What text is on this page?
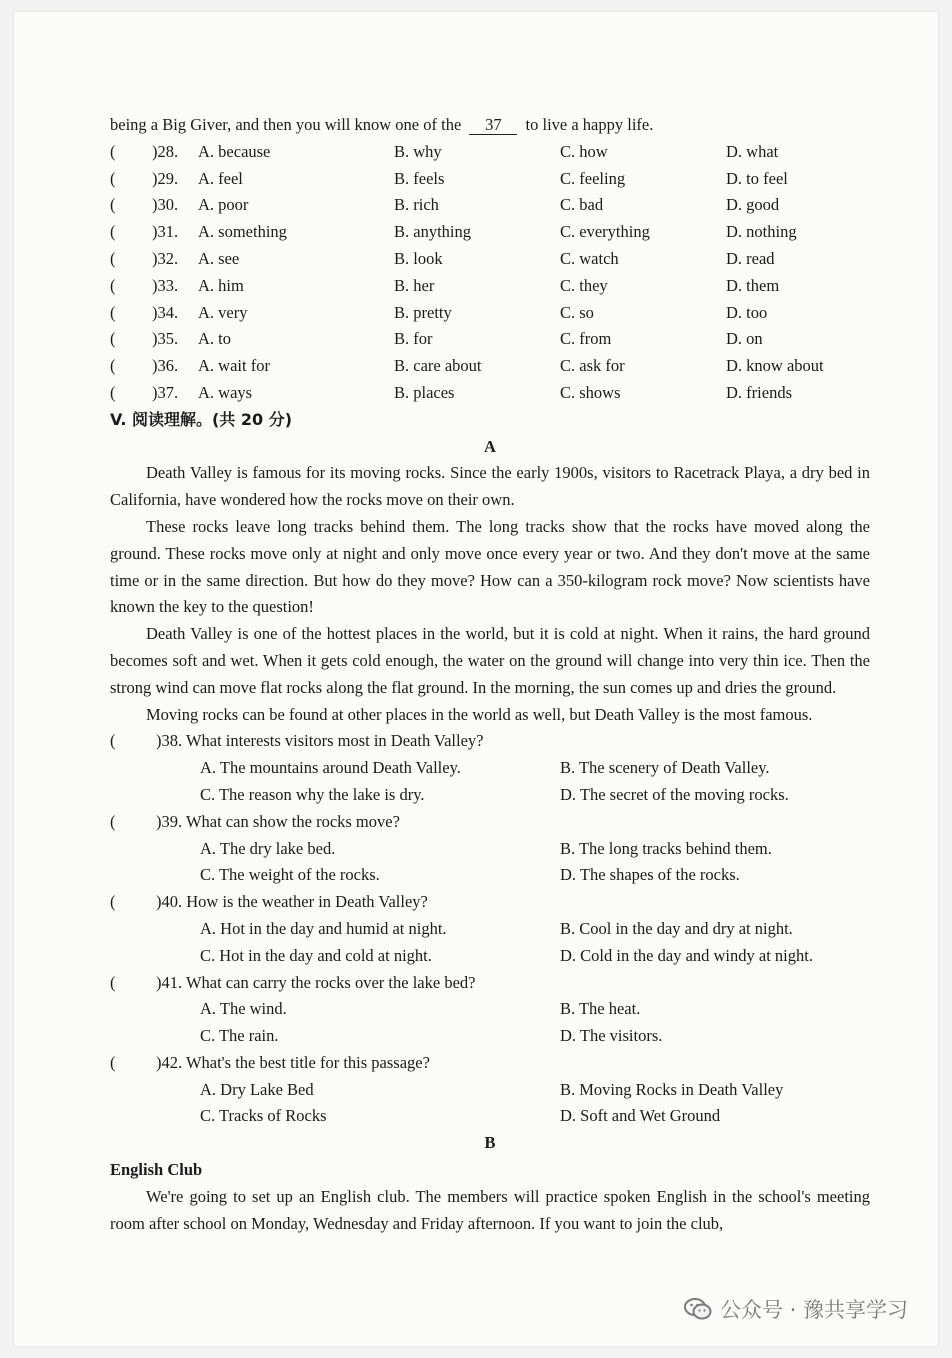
being a Big Giver, and then you will know one of the 37 to live a happy life.
( )28. A. because	B. why	C. how	D. what
( )29. A. feel	B. feels	C. feeling	D. to feel
( )30. A. poor	B. rich	C. bad	D. good
( )31. A. something	B. anything	C. everything	D. nothing
( )32. A. see	B. look	C. watch	D. read
( )33. A. him	B. her	C. they	D. them
( )34. A. very	B. pretty	C. so	D. too
( )35. A. to	B. for	C. from	D. on
( )36. A. wait for	B. care about	C. ask for	D. know about
( )37. A. ways	B. places	C. shows	D. friends
V. 阅读理解。(共 20 分)
A
Death Valley is famous for its moving rocks. Since the early 1900s, visitors to Racetrack Playa, a dry bed in California, have wondered how the rocks move on their own.
These rocks leave long tracks behind them. The long tracks show that the rocks have moved along the ground. These rocks move only at night and only move once every year or two. And they don't move at the same time or in the same direction. But how do they move? How can a 350-kilogram rock move? Now scientists have known the key to the question!
Death Valley is one of the hottest places in the world, but it is cold at night. When it rains, the hard ground becomes soft and wet. When it gets cold enough, the water on the ground will change into very thin ice. Then the strong wind can move flat rocks along the flat ground. In the morning, the sun comes up and dries the ground.
Moving rocks can be found at other places in the world as well, but Death Valley is the most famous.
( )38. What interests visitors most in Death Valley?
A. The mountains around Death Valley.	B. The scenery of Death Valley.
C. The reason why the lake is dry.	D. The secret of the moving rocks.
( )39. What can show the rocks move?
A. The dry lake bed.	B. The long tracks behind them.
C. The weight of the rocks.	D. The shapes of the rocks.
( )40. How is the weather in Death Valley?
A. Hot in the day and humid at night.	B. Cool in the day and dry at night.
C. Hot in the day and cold at night.	D. Cold in the day and windy at night.
( )41. What can carry the rocks over the lake bed?
A. The wind.	B. The heat.
C. The rain.	D. The visitors.
( )42. What's the best title for this passage?
A. Dry Lake Bed	B. Moving Rocks in Death Valley
C. Tracks of Rocks	D. Soft and Wet Ground
B
English Club
We're going to set up an English club. The members will practice spoken English in the school's meeting room after school on Monday, Wednesday and Friday afternoon. If you want to join the club,
公众号 · 豫共享学习
